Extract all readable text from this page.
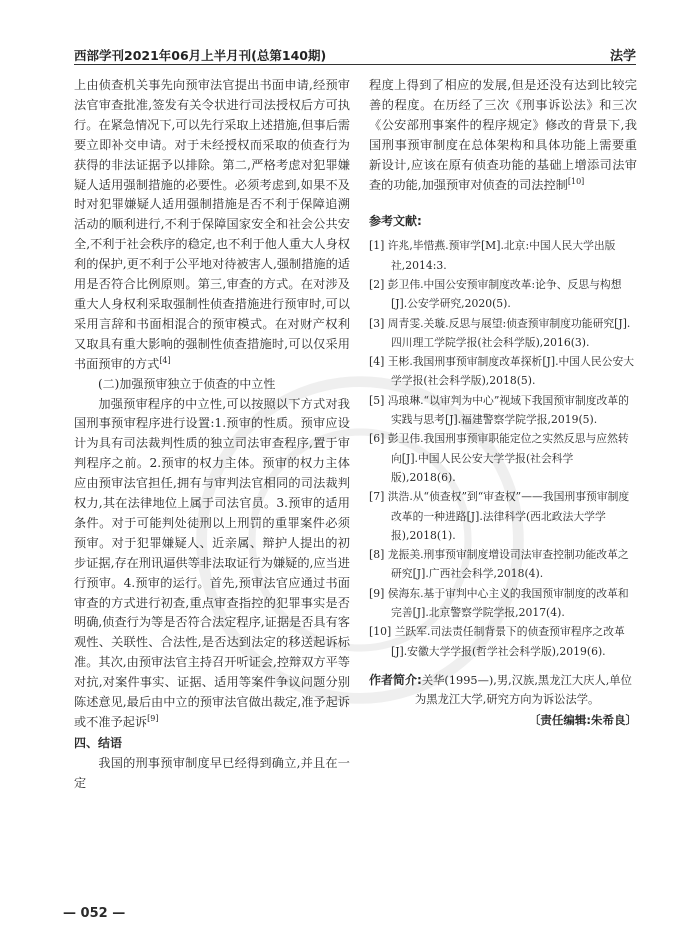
西部学刊2021年06月上半月刊(总第140期)	法学

上由侦查机关事先向预审法官提出书面申请,经预审法官审查批准,签发有关令状进行司法授权后方可执行。在紧急情况下,可以先行采取上述措施,但事后需要立即补交申请。对于未经授权而采取的侦查行为获得的非法证据予以排除。第二,严格考虑对犯罪嫌疑人适用强制措施的必要性。必须考虑到,如果不及时对犯罪嫌疑人适用强制措施是否不利于保障追溯活动的顺利进行,不利于保障国家安全和社会公共安全,不利于社会秩序的稳定,也不利于他人重大人身权利的保护,更不利于公平地对待被害人,强制措施的适用是否符合比例原则。第三,审查的方式。在对涉及重大人身权利采取强制性侦查措施进行预审时,可以采用言辞和书面相混合的预审模式。在对财产权利又取具有重大影响的强制性侦查措施时,可以仅采用书面预审的方式[4]

(二)加强预审独立于侦查的中立性

加强预审程序的中立性,可以按照以下方式对我国刑事预审程序进行设置:1.预审的性质。预审应设计为具有司法裁判性质的独立司法审查程序,置于审判程序之前。2.预审的权力主体。预审的权力主体应由预审法官担任,拥有与审判法官相同的司法裁判权力,其在法律地位上属于司法官员。3.预审的适用条件。对于可能判处徒刑以上刑罚的重罪案件必须预审。对于犯罪嫌疑人、近亲属、辩护人提出的初步证据,存在刑讯逼供等非法取证行为嫌疑的,应当进行预审。4.预审的运行。首先,预审法官应通过书面审查的方式进行初查,重点审查指控的犯罪事实是否明确,侦查行为等是否符合法定程序,证据是否具有客观性、关联性、合法性,是否达到法定的移送起诉标准。其次,由预审法官主持召开听证会,控辩双方平等对抗,对案件事实、证据、适用等案件争议问题分别陈述意见,最后由中立的预审法官做出裁定,准予起诉或不准予起诉[9]

四、结语

我国的刑事预审制度早已经得到确立,并且在一定

程度上得到了相应的发展,但是还没有达到比较完善的程度。在历经了三次《刑事诉讼法》和三次《公安部刑事案件的程序规定》修改的背景下,我国刑事预审制度在总体架构和具体功能上需要重新设计,应该在原有侦查功能的基础上增添司法审查的功能,加强预审对侦查的司法控制[10]

参考文献:
[1] 许兆,毕惜燕.预审学[M].北京:中国人民大学出版社,2014:3.
[2] 彭卫伟.中国公安预审制度改革:论争、反思与构想[J].公安学研究,2020(5).
[3] 周青雯.关璇.反思与展望:侦查预审制度功能研究[J].四川理工学院学报(社会科学版),2016(3).
[4] 王彬.我国刑事预审制度改革探析[J].中国人民公安大学学报(社会科学版),2018(5).
[5] 冯琅琳.“以审判为中心”视域下我国预审制度改革的实践与思考[J].福建警察学院学报,2019(5).
[6] 彭卫伟.我国刑事预审职能定位之实然反思与应然转向[J].中国人民公安大学学报(社会科学版),2018(6).
[7] 洪浩.从“侦查权”到“审查权”——我国刑事预审制度改革的一种进路[J].法律科学(西北政法大学学报),2018(1).
[8] 龙振美.刑事预审制度增设司法审查控制功能改革之研究[J].广西社会科学,2018(4).
[9] 侯海东.基于审判中心主义的我国预审制度的改革和完善[J].北京警察学院学报,2017(4).
[10] 兰跃军.司法责任制背景下的侦查预审程序之改革[J].安徽大学学报(哲学社会科学版),2019(6).
作者简介:关华(1995—),男,汉族,黑龙江大庆人,单位
为黑龙江大学,研究方向为诉讼法学。
〔责任编辑:朱希良〕
— 052 —
